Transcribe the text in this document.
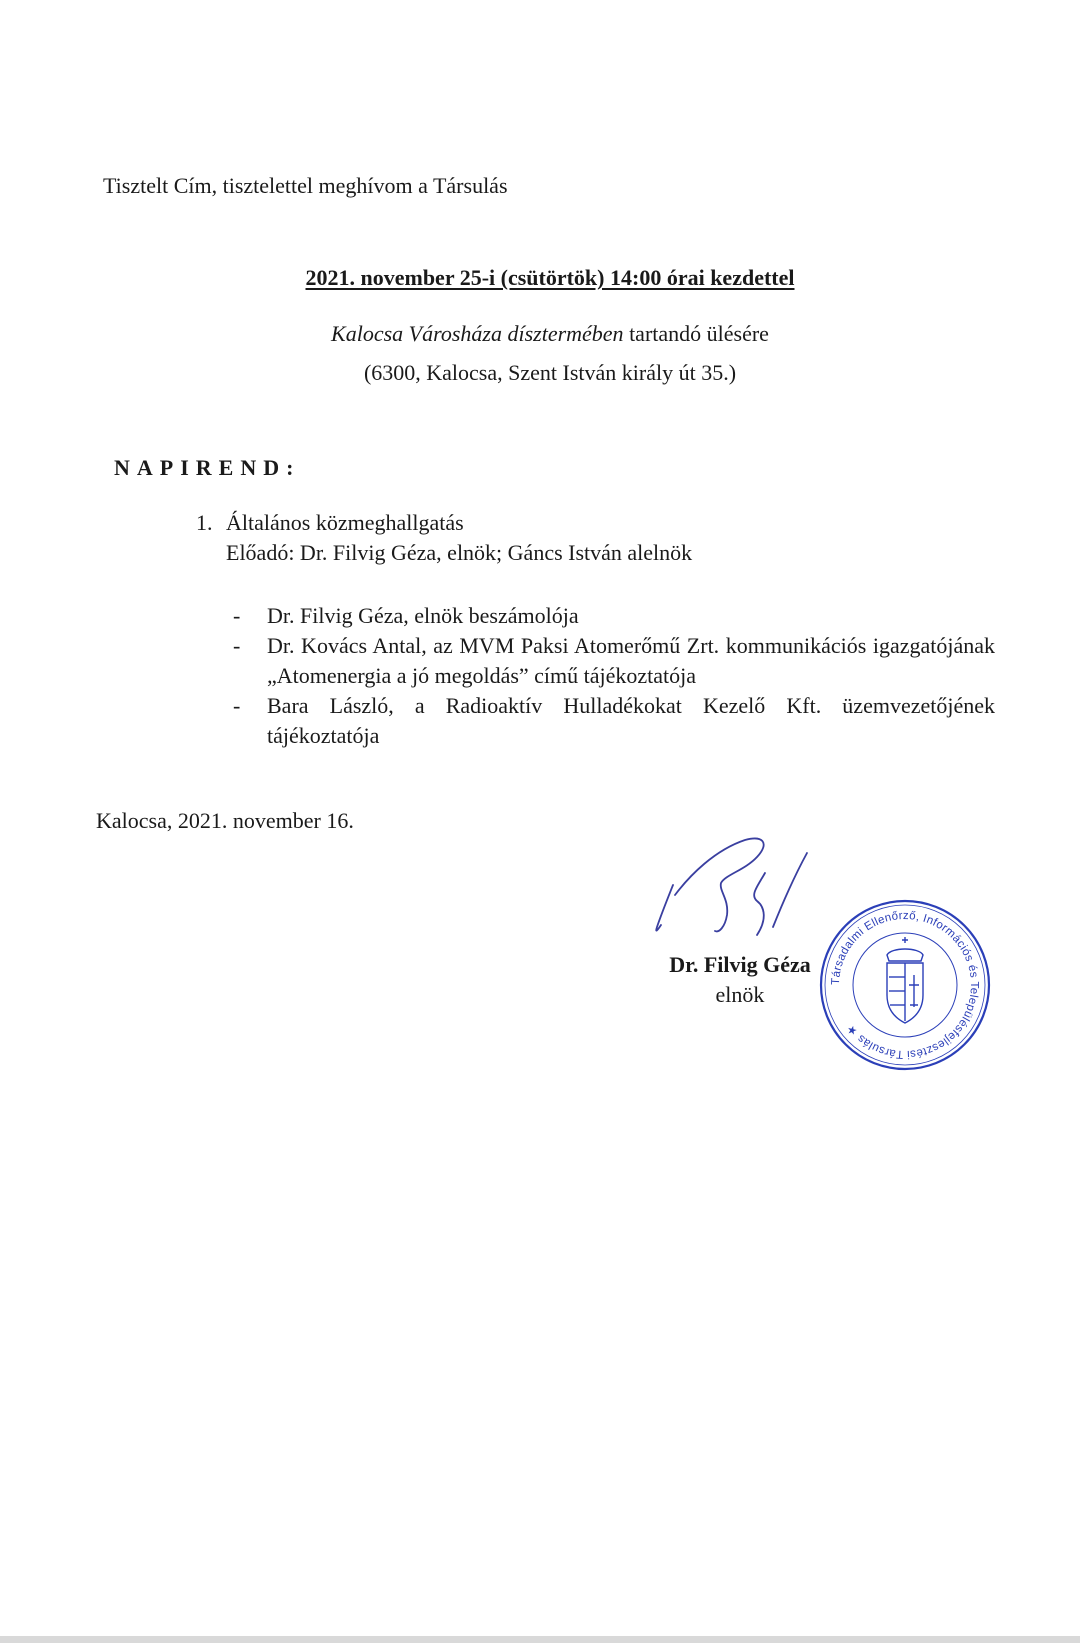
Tisztelt Cím, tisztelettel meghívom a Társulás
2021. november 25-i (csütörtök) 14:00 órai kezdettel
Kalocsa Városháza dísztermében tartandó ülésére
(6300, Kalocsa, Szent István király út 35.)
NAPIREND:
1. Általános közmeghallgatás
Előadó: Dr. Filvig Géza, elnök; Gáncs István alelnök
- Dr. Filvig Géza, elnök beszámolója
- Dr. Kovács Antal, az MVM Paksi Atomerőmű Zrt. kommunikációs igazgatójának „Atomenergia a jó megoldás” című tájékoztatója
- Bara László, a Radioaktív Hulladékokat Kezelő Kft. üzemvezetőjének tájékoztatója
Kalocsa, 2021. november 16.
Dr. Filvig Géza
elnök
Társadalmi Ellenőrző, Információs és Településfejlesztési Társulás ★
